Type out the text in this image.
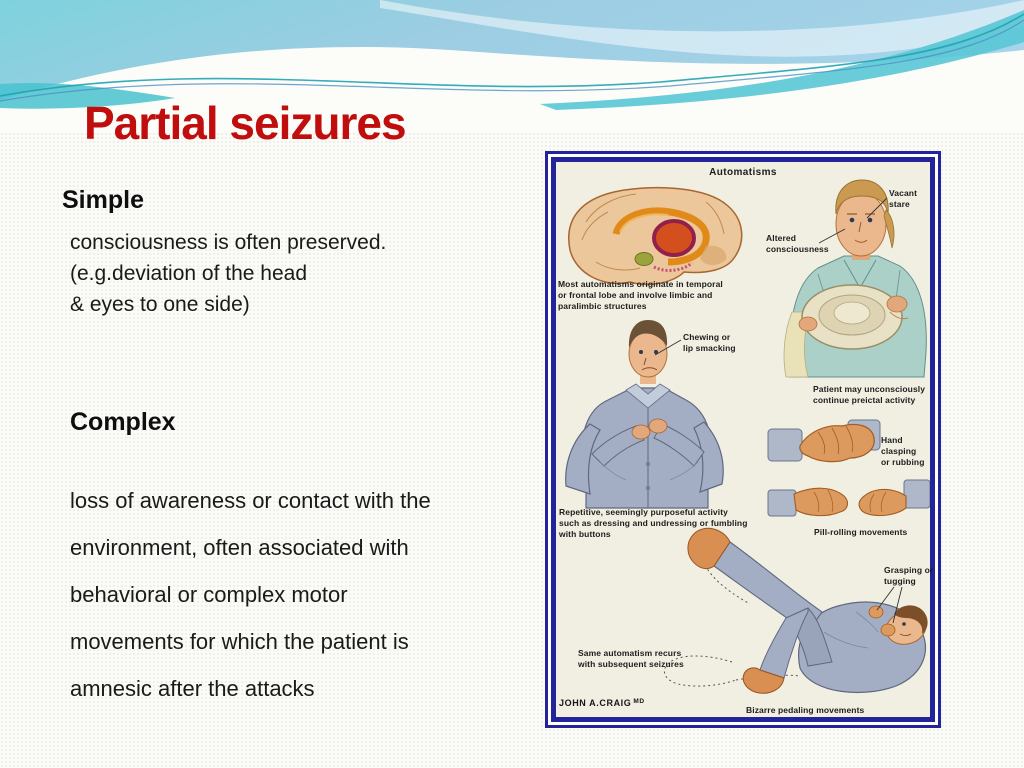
Partial seizures
Simple
consciousness is often preserved.
(e.g.deviation of the head
& eyes to one side)
Complex
loss of awareness or contact with the
environment, often associated with
behavioral or complex motor
movements for which the patient is
amnesic after the attacks
Automatisms
Vacant
stare
Altered
consciousness
Most automatisms originate in temporal
or frontal lobe and involve limbic and
paralimbic structures
Chewing or
lip smacking
Patient may unconsciously
continue preictal activity
Hand
clasping
or rubbing
Repetitive, seemingly purposeful activity
such as dressing and undressing or fumbling
with buttons	Pill-rolling movements
Grasping or
tugging
Same automatism recurs
with subsequent seizures
Bizarre pedaling movements
JOHN A.CRAIG $^{MD}$
